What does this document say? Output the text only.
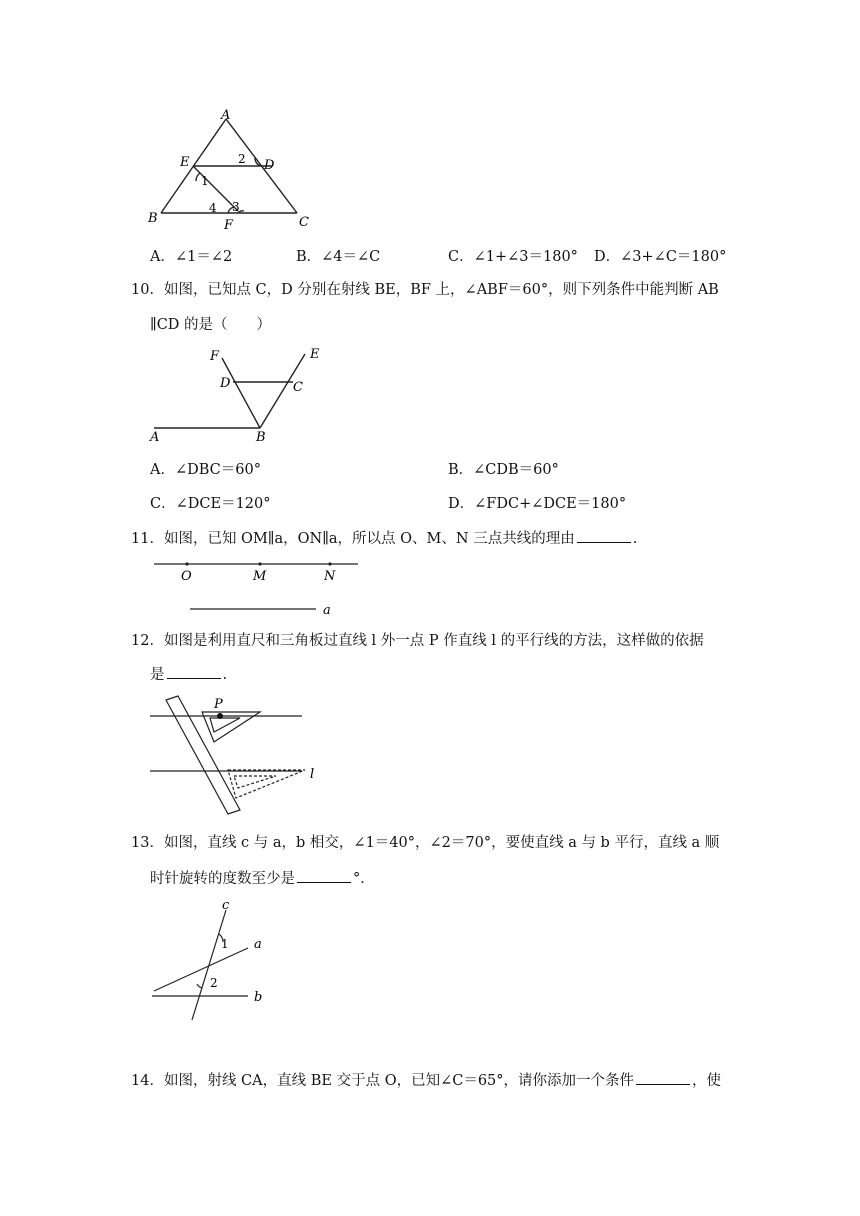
A
E	D
B	F	C
1
2
3
4
A．∠1＝∠2	B．∠4＝∠C	C．∠1+∠3＝180° D．∠3+∠C＝180°
10．如图，已知点 C，D 分别在射线 BE，BF 上，∠ABF＝60°，则下列条件中能判断 AB
∥CD 的是（　　）
F	E
D	C
A	B
A．∠DBC＝60°	B．∠CDB＝60°
C．∠DCE＝120°	D．∠FDC+∠DCE＝180°
11．如图，已知 OM∥a，ON∥a，所以点 O、M、N 三点共线的理由	.
O	M	N
a
12．如图是利用直尺和三角板过直线 l 外一点 P 作直线 l 的平行线的方法，这样做的依据
是	.
P
l
13．如图，直线 c 与 a，b 相交，∠1＝40°，∠2＝70°，要使直线 a 与 b 平行，直线 a 顺
时针旋转的度数至少是	°．
c
a
b
1
2
14．如图，射线 CA，直线 BE 交于点 O，已知∠C＝65°，请你添加一个条件	，使
